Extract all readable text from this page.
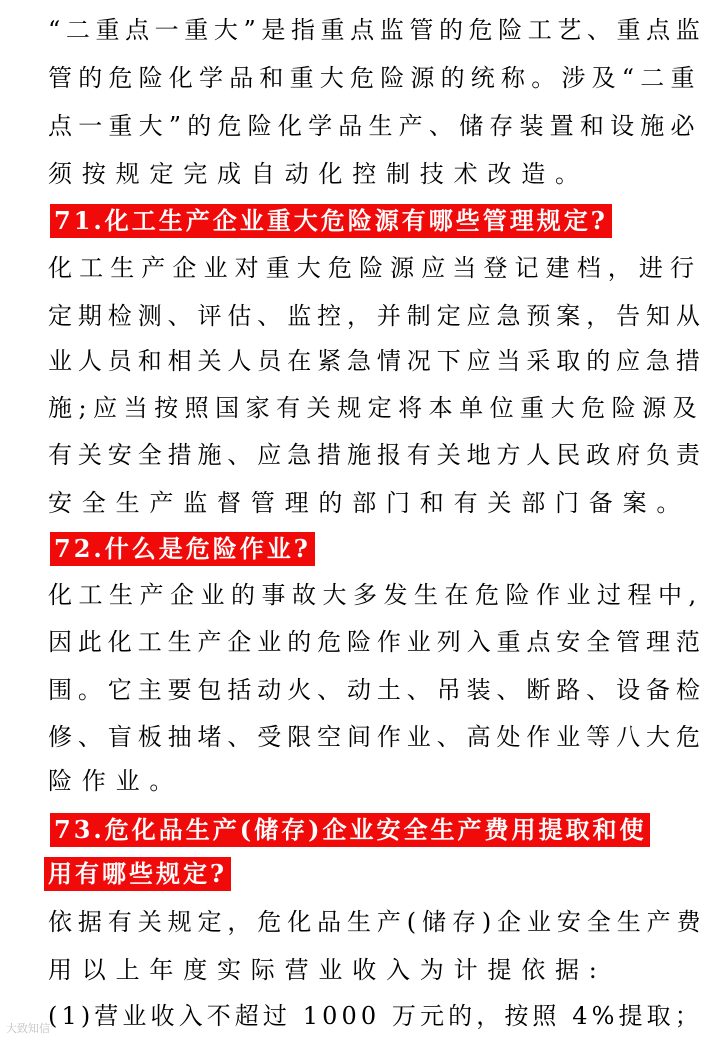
“二重点一重大”是指重点监管的危险工艺、重点监
管的危险化学品和重大危险源的统称。涉及“二重
点一重大”的危险化学品生产、储存装置和设施必
须按规定完成自动化控制技术改造。
71.化工生产企业重大危险源有哪些管理规定?
化工生产企业对重大危险源应当登记建档，进行
定期检测、评估、监控，并制定应急预案，告知从
业人员和相关人员在紧急情况下应当采取的应急措
施;应当按照国家有关规定将本单位重大危险源及
有关安全措施、应急措施报有关地方人民政府负责
安全生产监督管理的部门和有关部门备案。
72.什么是危险作业?
化工生产企业的事故大多发生在危险作业过程中,
因此化工生产企业的危险作业列入重点安全管理范
围。它主要包括动火、动土、吊装、断路、设备检
修、盲板抽堵、受限空间作业、高处作业等八大危
险作业。
73.危化品生产(储存)企业安全生产费用提取和使
用有哪些规定?
依据有关规定，危化品生产(储存)企业安全生产费
用以上年度实际营业收入为计提依据:
(1)营业收入不超过 1000 万元的，按照 4%提取；
大致知信
